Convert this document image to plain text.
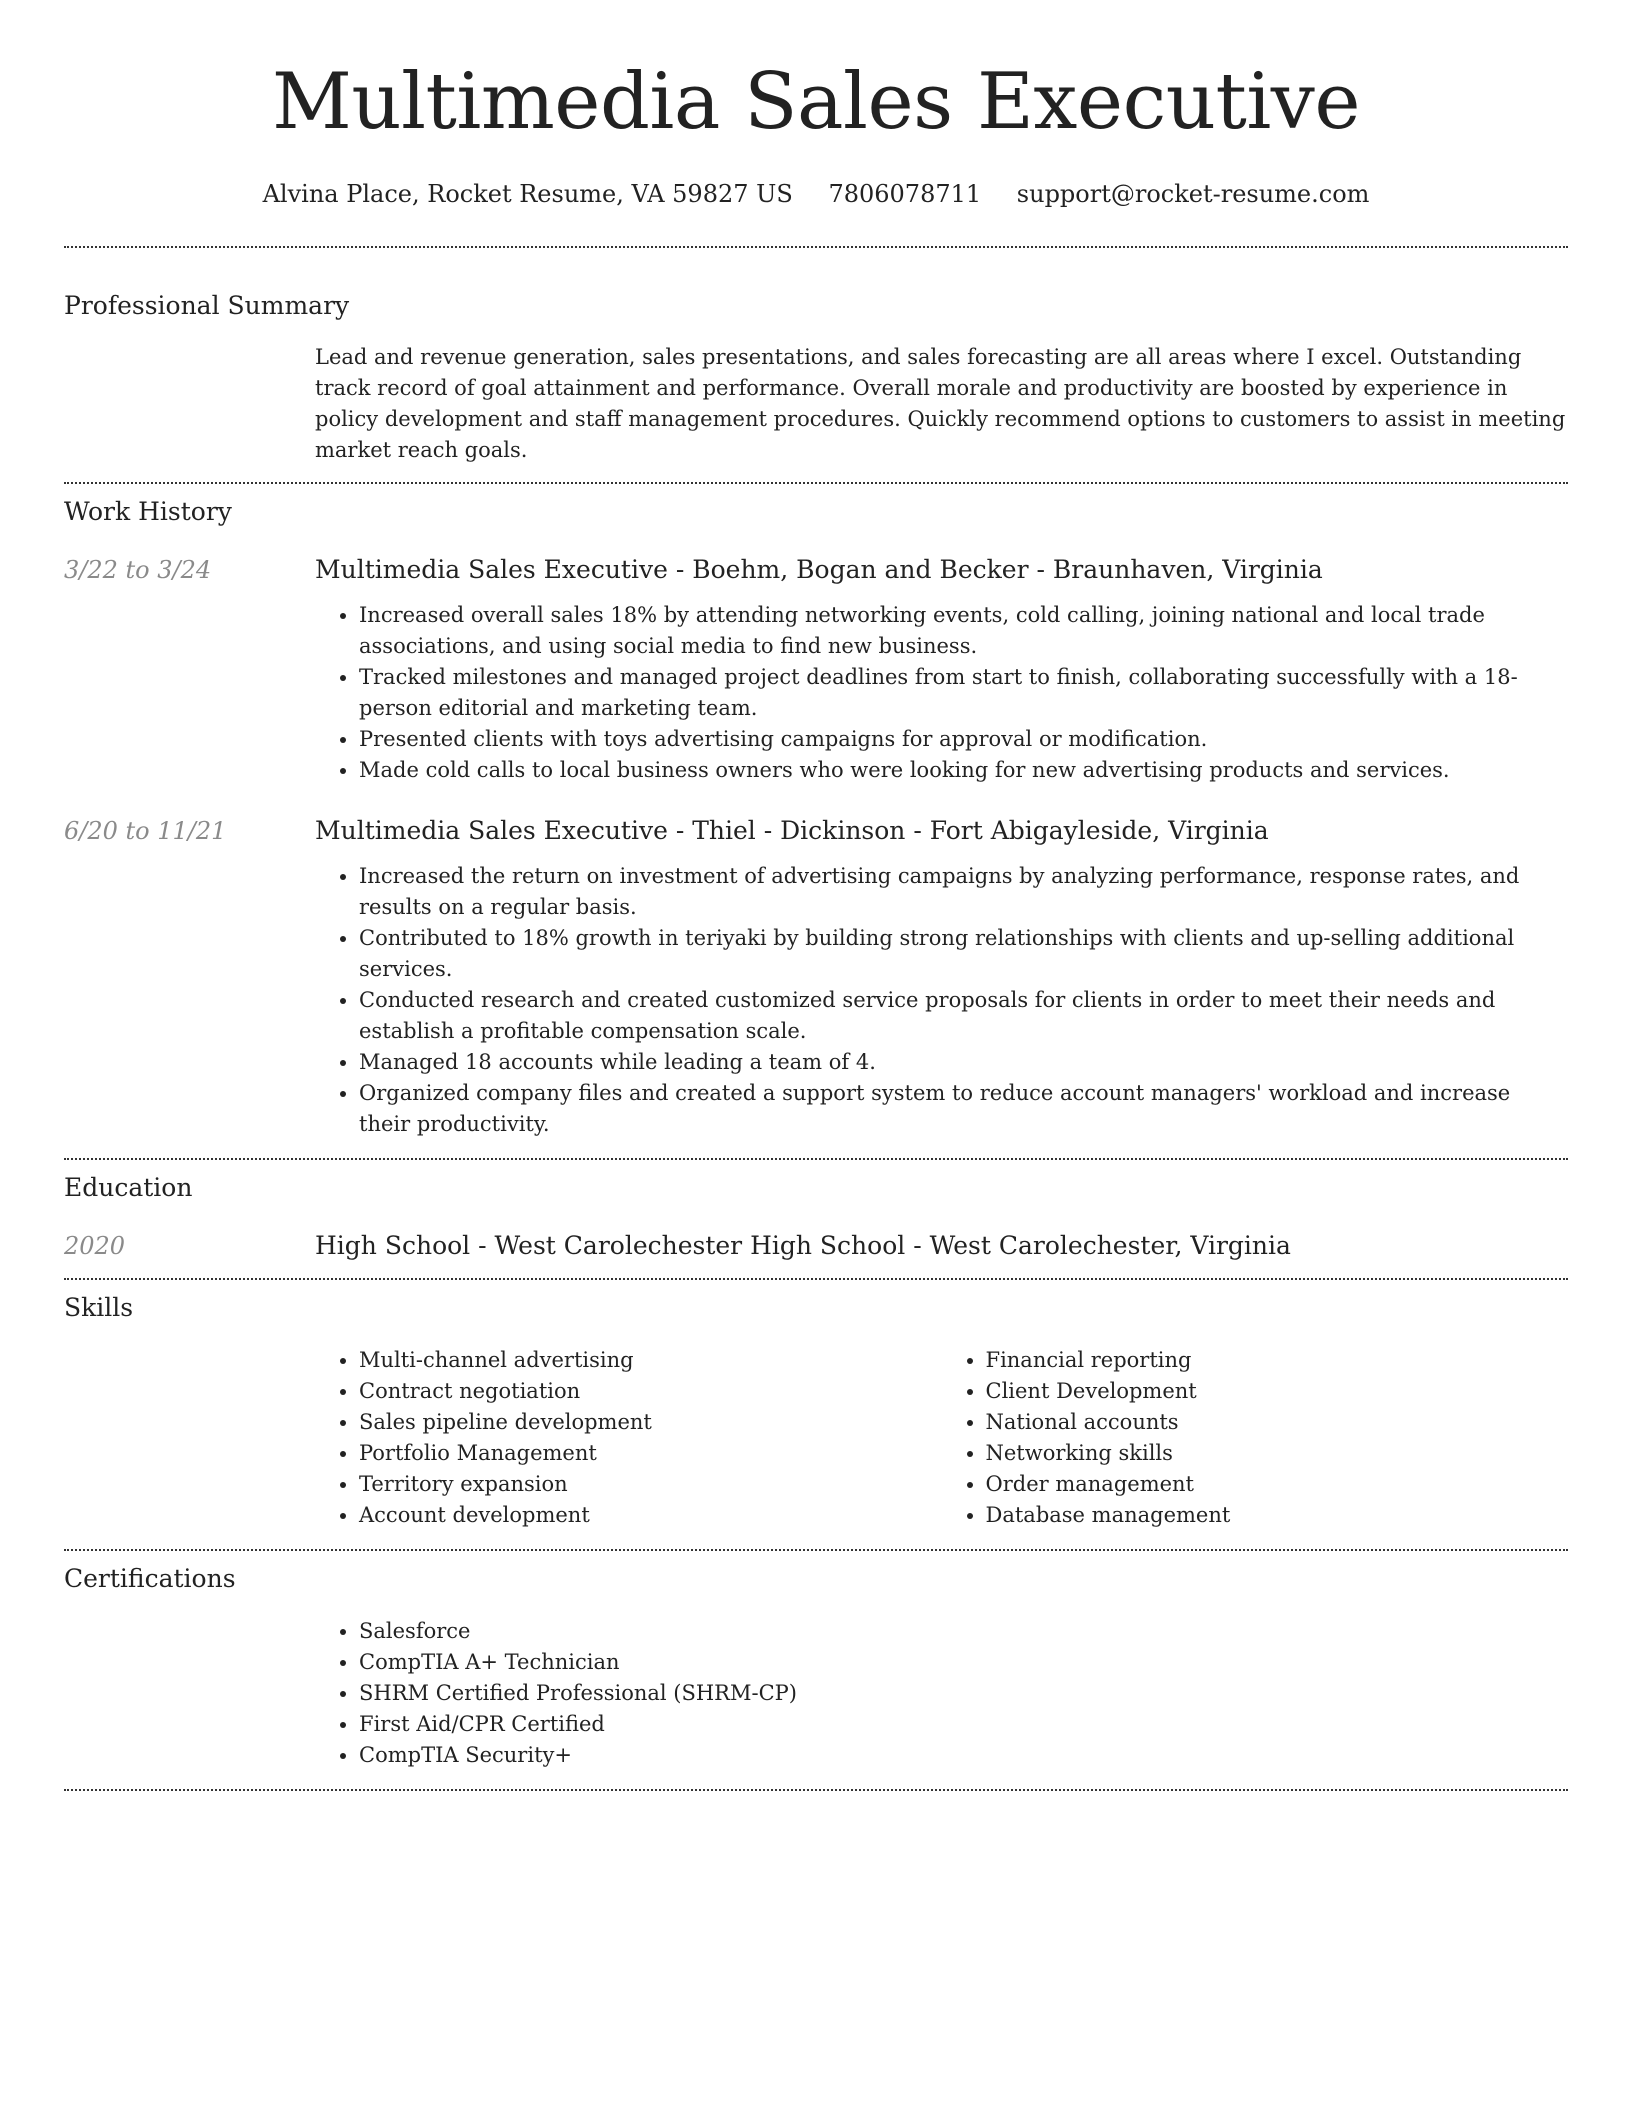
Multimedia Sales Executive
Alvina Place, Rocket Resume, VA 59827 US 7806078711 support@rocket-resume.com
Professional Summary
Lead and revenue generation, sales presentations, and sales forecasting are all areas where I excel. Outstanding track record of goal attainment and performance. Overall morale and productivity are boosted by experience in policy development and staff management procedures. Quickly recommend options to customers to assist in meeting market reach goals.
Work History
3/22 to 3/24	Multimedia Sales Executive - Boehm, Bogan and Becker - Braunhaven, Virginia
• Increased overall sales 18% by attending networking events, cold calling, joining national and local trade associations, and using social media to find new business.
• Tracked milestones and managed project deadlines from start to finish, collaborating successfully with a 18-person editorial and marketing team.
• Presented clients with toys advertising campaigns for approval or modification.
• Made cold calls to local business owners who were looking for new advertising products and services.
6/20 to 11/21	Multimedia Sales Executive - Thiel - Dickinson - Fort Abigayleside, Virginia
• Increased the return on investment of advertising campaigns by analyzing performance, response rates, and results on a regular basis.
• Contributed to 18% growth in teriyaki by building strong relationships with clients and up-selling additional services.
• Conducted research and created customized service proposals for clients in order to meet their needs and establish a profitable compensation scale.
• Managed 18 accounts while leading a team of 4.
• Organized company files and created a support system to reduce account managers' workload and increase their productivity.
Education
2020	High School - West Carolechester High School - West Carolechester, Virginia
Skills
• Multi-channel advertising
• Contract negotiation
• Sales pipeline development
• Portfolio Management
• Territory expansion
• Account development
• Financial reporting
• Client Development
• National accounts
• Networking skills
• Order management
• Database management
Certifications
• Salesforce
• CompTIA A+ Technician
• SHRM Certified Professional (SHRM-CP)
• First Aid/CPR Certified
• CompTIA Security+
